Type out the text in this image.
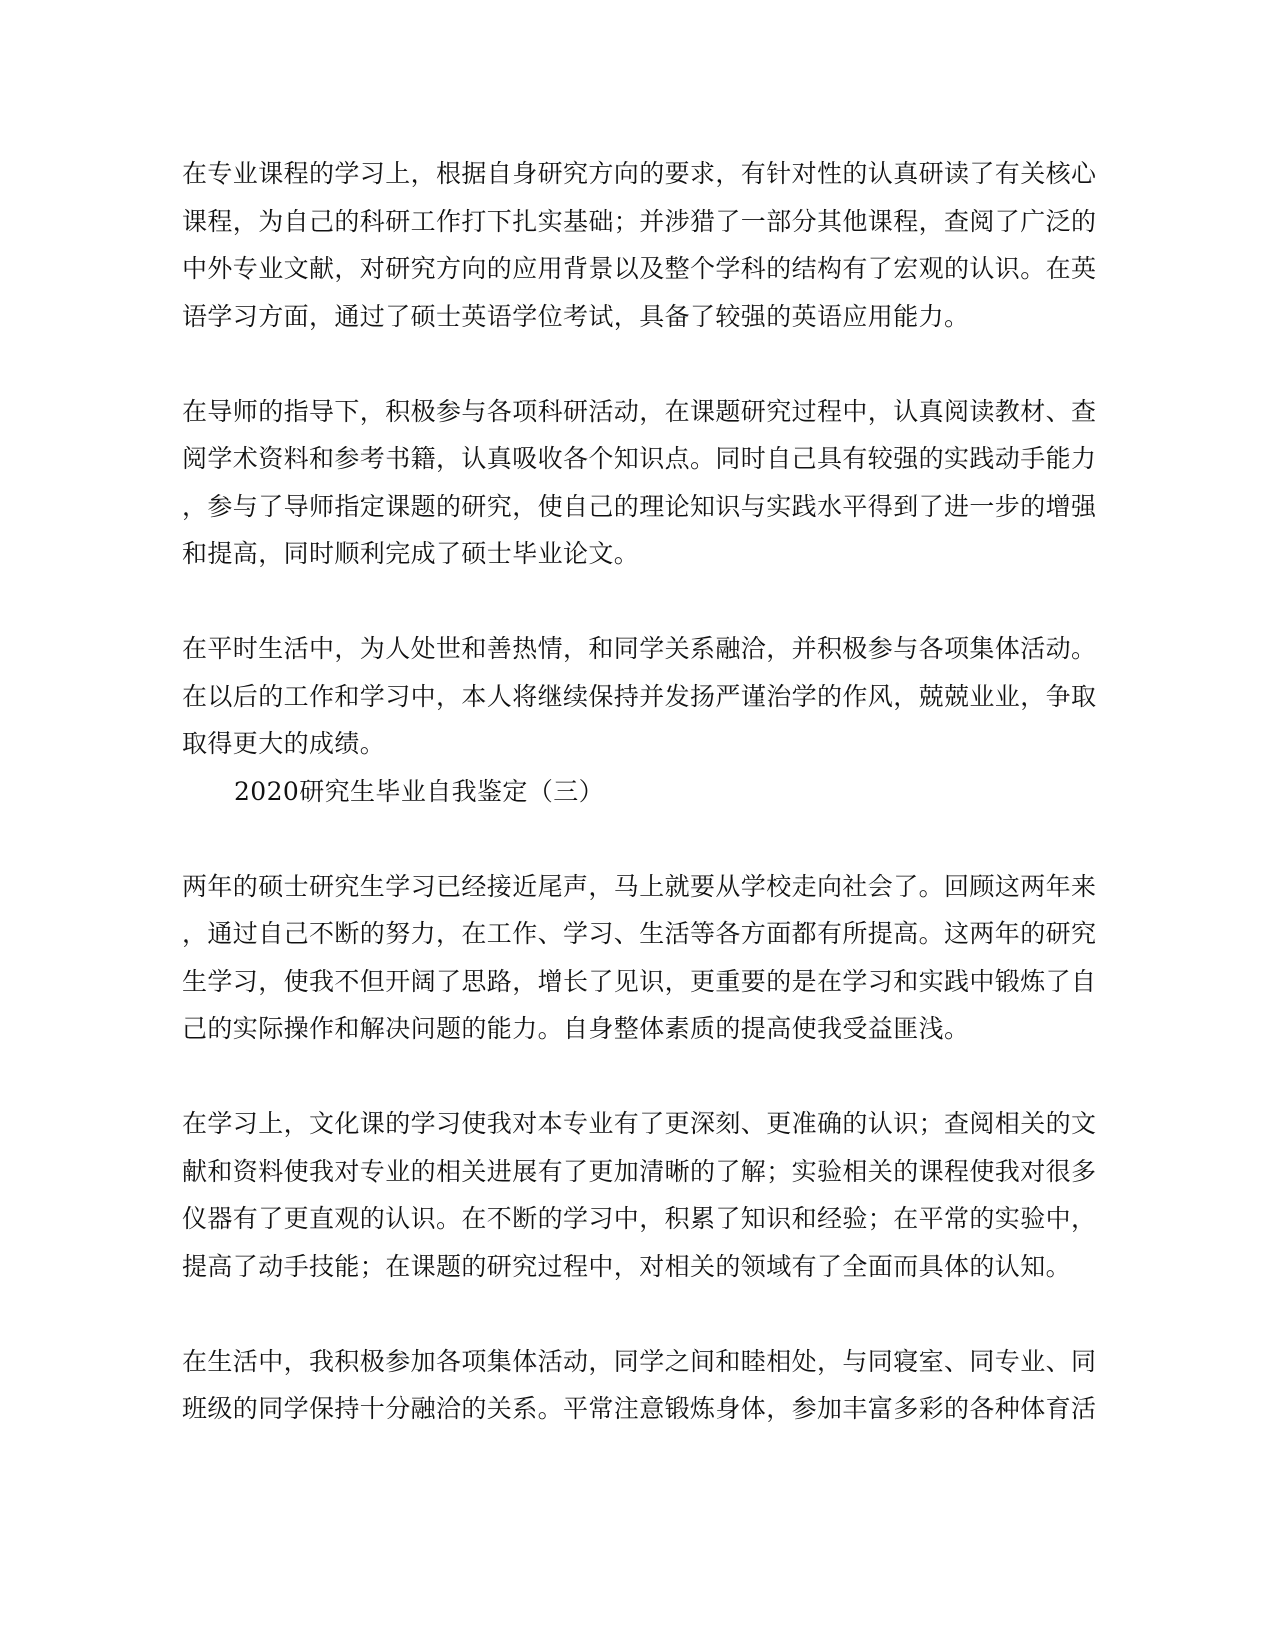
在专业课程的学习上，根据自身研究方向的要求，有针对性的认真研读了有关核心
课程，为自己的科研工作打下扎实基础；并涉猎了一部分其他课程，查阅了广泛的
中外专业文献，对研究方向的应用背景以及整个学科的结构有了宏观的认识。在英
语学习方面，通过了硕士英语学位考试，具备了较强的英语应用能力。
在导师的指导下，积极参与各项科研活动，在课题研究过程中，认真阅读教材、查
阅学术资料和参考书籍，认真吸收各个知识点。同时自己具有较强的实践动手能力
，参与了导师指定课题的研究，使自己的理论知识与实践水平得到了进一步的增强
和提高，同时顺利完成了硕士毕业论文。
在平时生活中，为人处世和善热情，和同学关系融洽，并积极参与各项集体活动。
在以后的工作和学习中，本人将继续保持并发扬严谨治学的作风，兢兢业业，争取
取得更大的成绩。
2020研究生毕业自我鉴定（三）
两年的硕士研究生学习已经接近尾声，马上就要从学校走向社会了。回顾这两年来
，通过自己不断的努力，在工作、学习、生活等各方面都有所提高。这两年的研究
生学习，使我不但开阔了思路，增长了见识，更重要的是在学习和实践中锻炼了自
己的实际操作和解决问题的能力。自身整体素质的提高使我受益匪浅。
在学习上，文化课的学习使我对本专业有了更深刻、更准确的认识；查阅相关的文
献和资料使我对专业的相关进展有了更加清晰的了解；实验相关的课程使我对很多
仪器有了更直观的认识。在不断的学习中，积累了知识和经验；在平常的实验中，
提高了动手技能；在课题的研究过程中，对相关的领域有了全面而具体的认知。
在生活中，我积极参加各项集体活动，同学之间和睦相处，与同寝室、同专业、同
班级的同学保持十分融洽的关系。平常注意锻炼身体，参加丰富多彩的各种体育活
